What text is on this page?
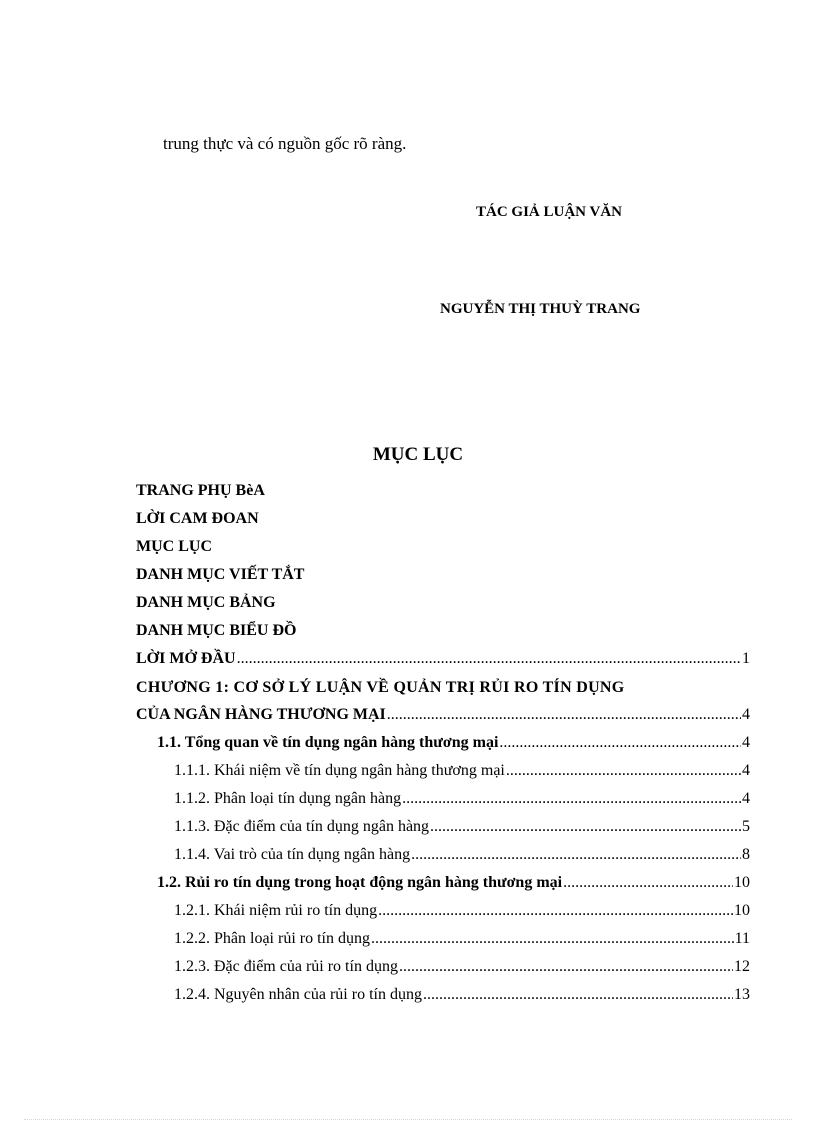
trung thực và có nguồn gốc rõ ràng.
TÁC GIẢ LUẬN VĂN
NGUYỄN THỊ THUỲ TRANG
MỤC LỤC
TRANG PHỤ BèA
LỜI CAM ĐOAN
MỤC LỤC
DANH MỤC VIẾT TẮT
DANH MỤC BẢNG
DANH MỤC BIỂU ĐỒ
LỜI MỞ ĐẦU .....	1
CHƯƠNG 1: CƠ SỞ LÝ LUẬN VỀ QUẢN TRỊ RỦI RO TÍN DỤNG
CỦA NGÂN HÀNG THƯƠNG MẠI .....	4
1.1. Tổng quan về tín dụng ngân hàng thương mại .....	4
1.1.1. Khái niệm về tín dụng ngân hàng thương mại .....	4
1.1.2. Phân loại tín dụng ngân hàng .....	4
1.1.3. Đặc điểm của tín dụng ngân hàng .....	5
1.1.4. Vai trò của tín dụng ngân hàng .....	8
1.2. Rủi ro tín dụng trong hoạt động ngân hàng thương mại .....	10
1.2.1. Khái niệm rủi ro tín dụng .....	10
1.2.2. Phân loại rủi ro tín dụng .....	11
1.2.3. Đặc điểm của rủi ro tín dụng .....	12
1.2.4. Nguyên nhân của rủi ro tín dụng .....	13
